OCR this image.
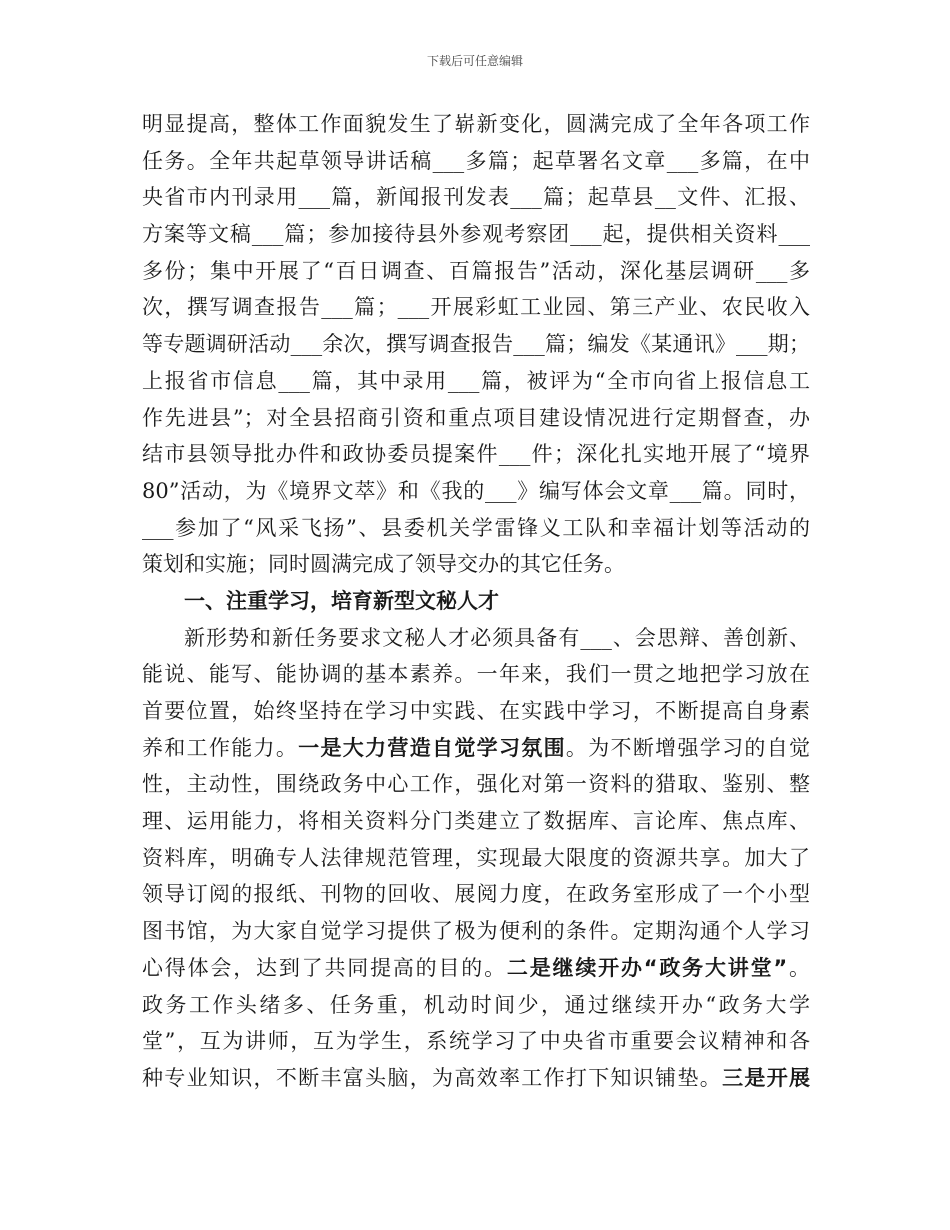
下载后可任意编辑
明显提高，整体工作面貌发生了崭新变化，圆满完成了全年各项工作
任务。全年共起草领导讲话稿___多篇；起草署名文章___多篇，在中
央省市内刊录用___篇，新闻报刊发表___篇；起草县__文件、汇报、
方案等文稿___篇；参加接待县外参观考察团___起，提供相关资料___
多份；集中开展了“百日调查、百篇报告”活动，深化基层调研___多
次，撰写调查报告___篇；___开展彩虹工业园、第三产业、农民收入
等专题调研活动___余次，撰写调查报告___篇；编发《某通讯》___期；
上报省市信息___篇，其中录用___篇，被评为“全市向省上报信息工
作先进县”；对全县招商引资和重点项目建设情况进行定期督查，办
结市县领导批办件和政协委员提案件___件；深化扎实地开展了“境界
80”活动，为《境界文萃》和《我的___》编写体会文章___篇。同时，
___参加了“风采飞扬”、县委机关学雷锋义工队和幸福计划等活动的
策划和实施；同时圆满完成了领导交办的其它任务。
一、注重学习，培育新型文秘人才
新形势和新任务要求文秘人才必须具备有___、会思辩、善创新、
能说、能写、能协调的基本素养。一年来，我们一贯之地把学习放在
首要位置，始终坚持在学习中实践、在实践中学习，不断提高自身素
养和工作能力。一是大力营造自觉学习氛围。为不断增强学习的自觉
性，主动性，围绕政务中心工作，强化对第一资料的猎取、鉴别、整
理、运用能力，将相关资料分门类建立了数据库、言论库、焦点库、
资料库，明确专人法律规范管理，实现最大限度的资源共享。加大了
领导订阅的报纸、刊物的回收、展阅力度，在政务室形成了一个小型
图书馆，为大家自觉学习提供了极为便利的条件。定期沟通个人学习
心得体会，达到了共同提高的目的。二是继续开办“政务大讲堂”。
政务工作头绪多、任务重，机动时间少，通过继续开办“政务大学
堂”，互为讲师，互为学生，系统学习了中央省市重要会议精神和各
种专业知识，不断丰富头脑，为高效率工作打下知识铺垫。三是开展
